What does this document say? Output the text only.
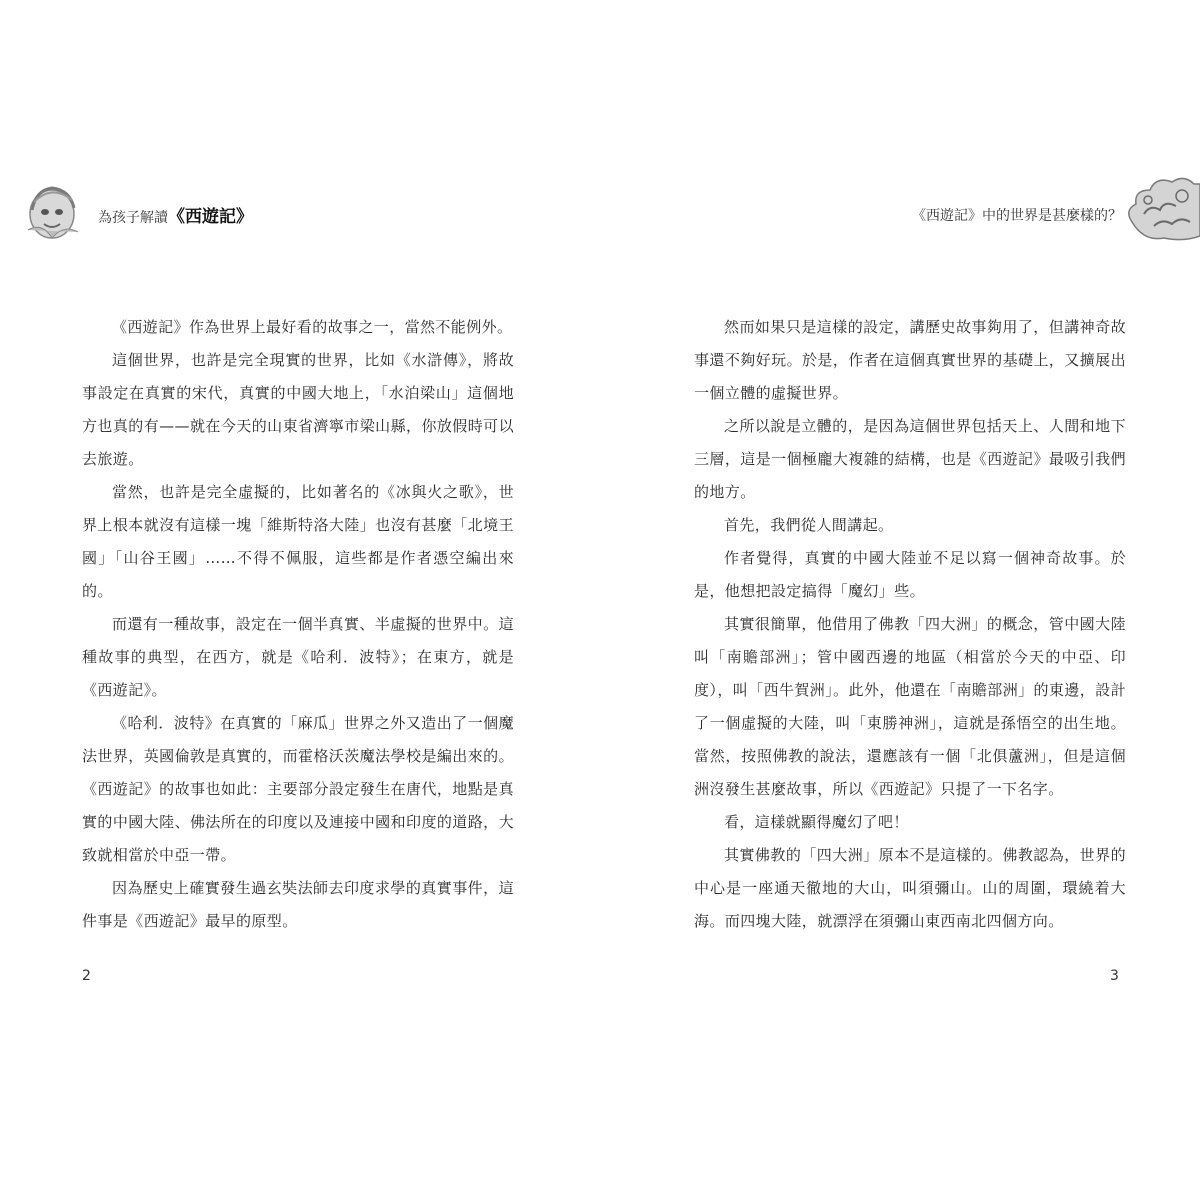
為孩子解讀《西遊記》

《西遊記》作為世界上最好看的故事之一，當然不能例外。

這個世界，也許是完全現實的世界，比如《水滸傳》，將故事設定在真實的宋代，真實的中國大地上，「水泊梁山」這個地方也真的有——就在今天的山東省濟寧市梁山縣，你放假時可以去旅遊。

當然，也許是完全虛擬的，比如著名的《冰與火之歌》，世界上根本就沒有這樣一塊「維斯特洛大陸」也沒有甚麼「北境王國」「山谷王國」……不得不佩服，這些都是作者憑空編出來的。

而還有一種故事，設定在一個半真實、半虛擬的世界中。這種故事的典型，在西方，就是《哈利．波特》；在東方，就是《西遊記》。

《哈利．波特》在真實的「麻瓜」世界之外又造出了一個魔法世界，英國倫敦是真實的，而霍格沃茨魔法學校是編出來的。《西遊記》的故事也如此：主要部分設定發生在唐代，地點是真實的中國大陸、佛法所在的印度以及連接中國和印度的道路，大致就相當於中亞一帶。

因為歷史上確實發生過玄奘法師去印度求學的真實事件，這件事是《西遊記》最早的原型。

2
《西遊記》中的世界是甚麼樣的？

然而如果只是這樣的設定，講歷史故事夠用了，但講神奇故事還不夠好玩。於是，作者在這個真實世界的基礎上，又擴展出一個立體的虛擬世界。

之所以說是立體的，是因為這個世界包括天上、人間和地下三層，這是一個極龐大複雜的結構，也是《西遊記》最吸引我們的地方。

首先，我們從人間講起。

作者覺得，真實的中國大陸並不足以寫一個神奇故事。於是，他想把設定搞得「魔幻」些。

其實很簡單，他借用了佛教「四大洲」的概念，管中國大陸叫「南贍部洲」；管中國西邊的地區（相當於今天的中亞、印度），叫「西牛賀洲」。此外，他還在「南贍部洲」的東邊，設計了一個虛擬的大陸，叫「東勝神洲」，這就是孫悟空的出生地。當然，按照佛教的說法，還應該有一個「北俱蘆洲」，但是這個洲沒發生甚麼故事，所以《西遊記》只提了一下名字。

看，這樣就顯得魔幻了吧！

其實佛教的「四大洲」原本不是這樣的。佛教認為，世界的中心是一座通天徹地的大山，叫須彌山。山的周圍，環繞着大海。而四塊大陸，就漂浮在須彌山東西南北四個方向。

3
